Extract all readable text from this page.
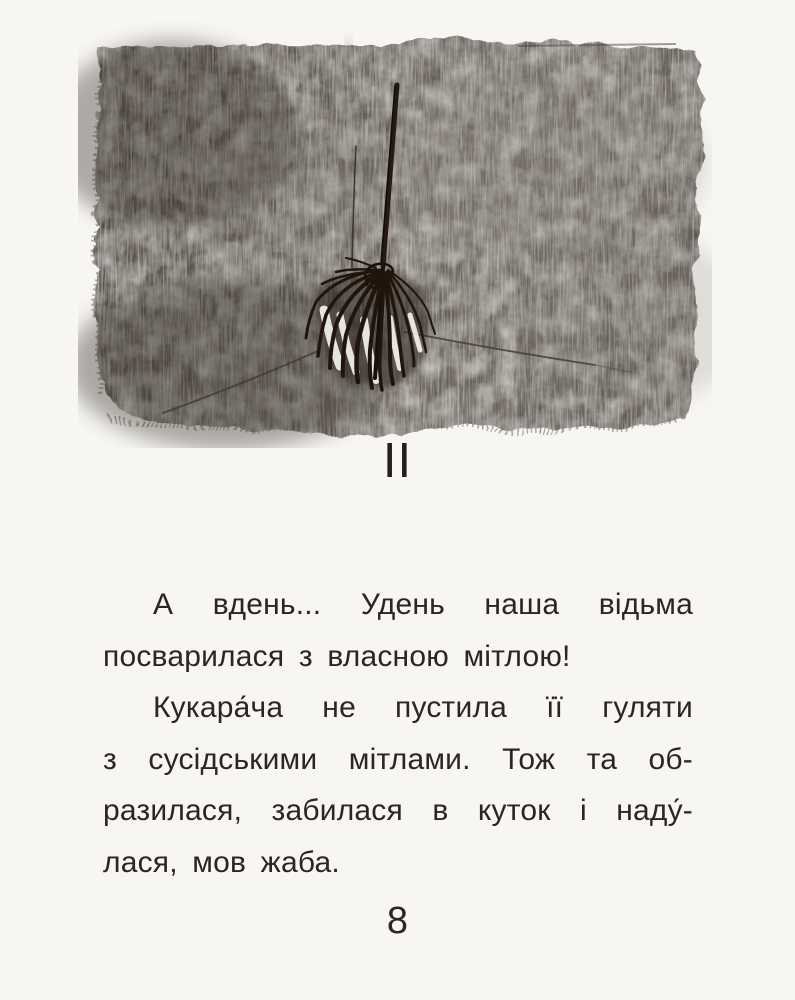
II
А вдень... Удень наша відьма
посварилася з власною мітлою!
Кукара́ча не пустила її гуляти
з сусідськими мітлами. Тож та об-
разилася, забилася в куток і наду́-
лася, мов жаба.
8
